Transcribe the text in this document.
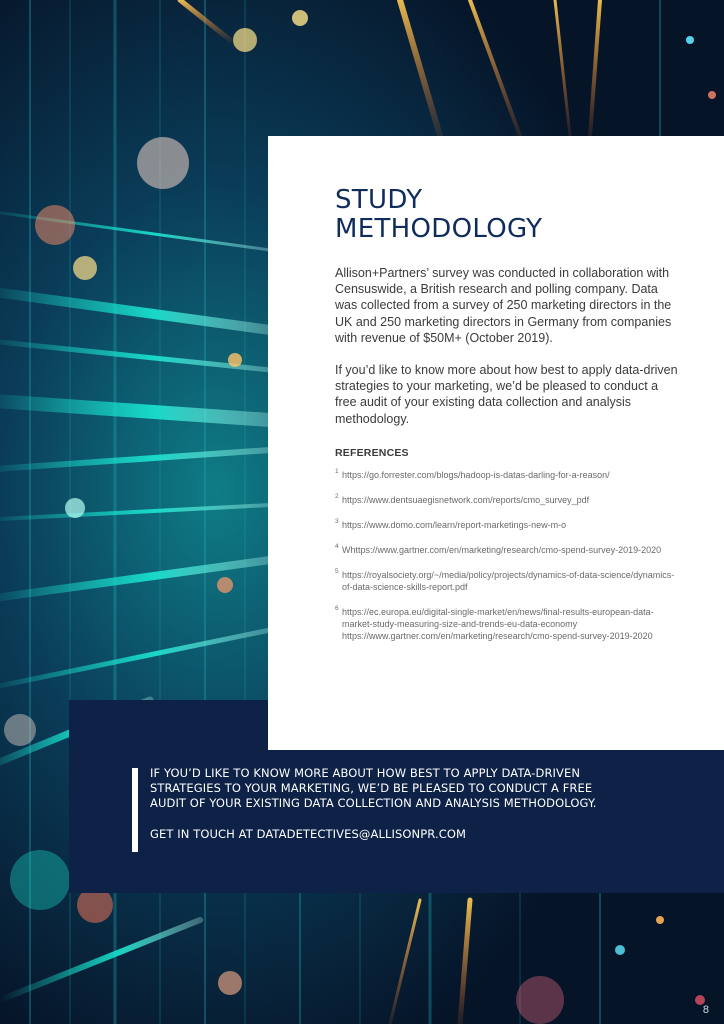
STUDY
METHODOLOGY

Allison+Partners’ survey was conducted in collaboration with Censuswide, a British research and polling company. Data was collected from a survey of 250 marketing directors in the UK and 250 marketing directors in Germany from companies with revenue of $50M+ (October 2019).

If you’d like to know more about how best to apply data-driven strategies to your marketing, we’d be pleased to conduct a free audit of your existing data collection and analysis methodology.

REFERENCES
1 https://go.forrester.com/blogs/hadoop-is-datas-darling-for-a-reason/
2 https://www.dentsuaegisnetwork.com/reports/cmo_survey_pdf
3 https://www.domo.com/learn/report-marketings-new-m-o
4 Whttps://www.gartner.com/en/marketing/research/cmo-spend-survey-2019-2020
5 https://royalsociety.org/~/media/policy/projects/dynamics-of-data-science/dynamics-of-data-science-skills-report.pdf
6 https://ec.europa.eu/digital-single-market/en/news/final-results-european-data-market-study-measuring-size-and-trends-eu-data-economy https://www.gartner.com/en/marketing/research/cmo-spend-survey-2019-2020

IF YOU’D LIKE TO KNOW MORE ABOUT HOW BEST TO APPLY DATA-DRIVEN STRATEGIES TO YOUR MARKETING, WE’D BE PLEASED TO CONDUCT A FREE AUDIT OF YOUR EXISTING DATA COLLECTION AND ANALYSIS METHODOLOGY.

GET IN TOUCH AT DATADETECTIVES@ALLISONPR.COM

8
